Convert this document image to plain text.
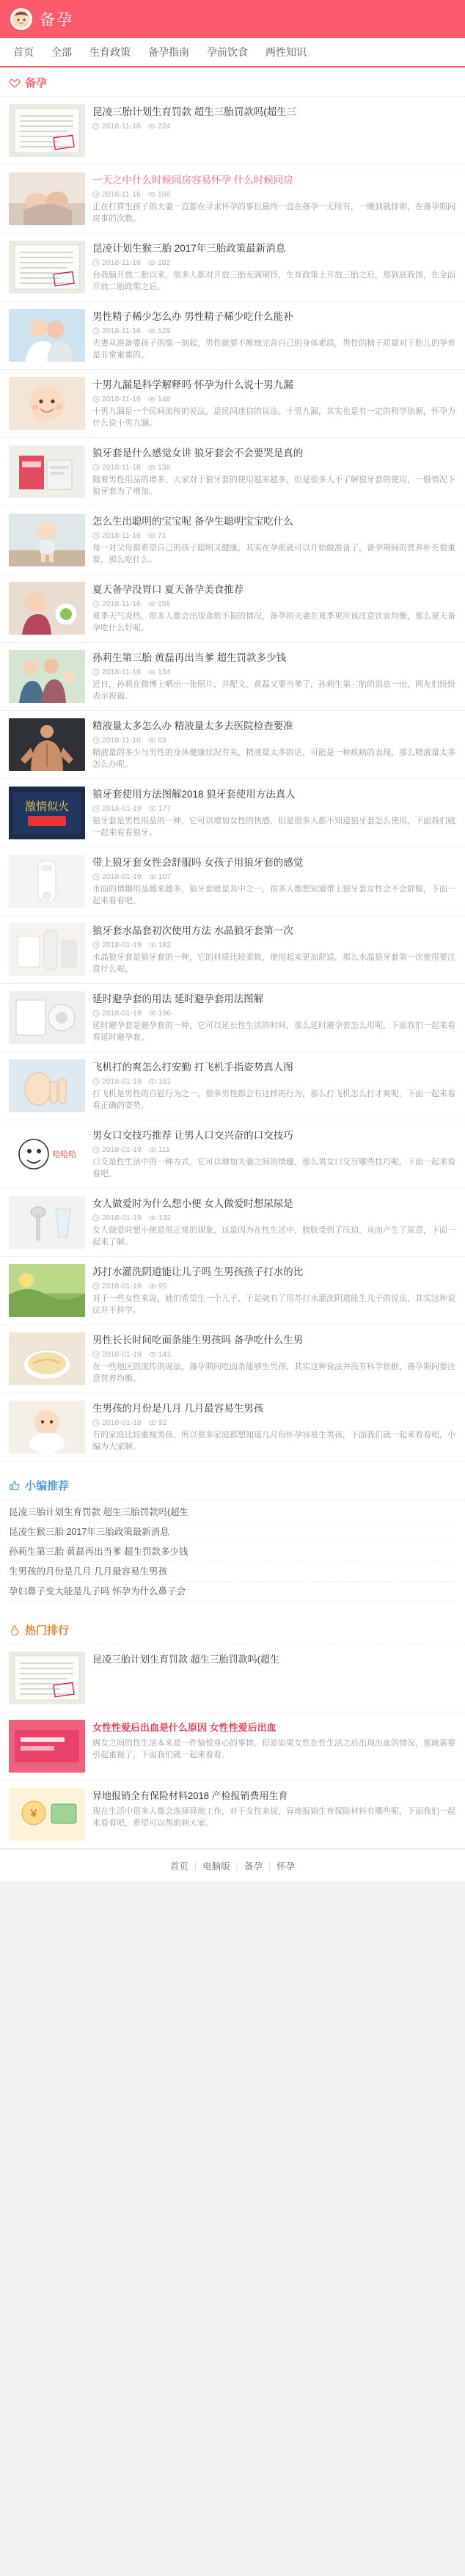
备孕
首页	全部	生育政策	备孕指南	孕前饮食	两性知识
备孕
昆凌三胎计划生育罚款 超生三胎罚款吗(超生三
2018-11-16 224
一天之中什么时候同房容易怀孕 什么时候同房
2018-11-16 166
正在打算生孩子的夫妻一直都在寻求怀孕的事但最终一直在备孕一无所有，一睡到就排卵，在备孕期间房事的次数。
昆凌计划生猴三胎 2017年三胎政策最新消息
2018-11-16 182
台我脑开放二胎以来，很多人都对开放三胎充满期待，生育政策上开放三胎之后，那到底我国，在全面开放二胎政策之后。
男性精子稀少怎么办 男性精子稀少吃什么能补
2018-11-16 129
夫妻从准备要孩子的那一刻起，男性就要不断地完善自己的身体素质，男性的精子质量对于胎儿的孕育是非常重要的。
十男九漏是科学解释吗 怀孕为什么说十男九漏
2018-11-16 148
十男九漏是一个民间流传的说法，是民间迷信的说法，十男九漏，其实也是有一定的科学依据，怀孕为什么说十男九漏。
狼牙套是什么感觉女讲 狼牙套会不会要哭是真的
2018-11-16 138
随着男性用品的增多，大家对于狼牙套的使用越来越多，但是很多人不了解狼牙套的使用，一般情况下狼牙套为了增加。
怎么生出聪明的宝宝呢 备孕生聪明宝宝吃什么
2018-11-16 71
每一对父母都希望自己的孩子聪明又健康，其实在孕前就可以开始做准备了，备孕期间的营养补充很重要，那么吃什么。
夏天备孕没胃口 夏天备孕美食推荐
2018-11-16 156
夏季天气炎热，很多人都会出现食欲不振的情况，备孕的夫妻在夏季更应该注意饮食均衡，那么夏天备孕吃什么好呢。
孙莉生第三胎 黄磊再出当爹 超生罚款多少钱
2018-11-16 134
近日，孙莉在微博上晒出一张照片，并配文，黄磊又要当爹了，孙莉生第三胎的消息一出，网友们纷纷表示祝福。
精液量太多怎么办 精液量太多去医院检查要准
2018-11-16 63
精液量的多少与男性的身体健康状况有关，精液量太多的话，可能是一种疾病的表现，那么精液量太多怎么办呢。
激情似火
狼牙套使用方法图解2018 狼牙套使用方法真人
2018-01-19 177
狼牙套是男性用品的一种，它可以增加女性的快感，但是很多人都不知道狼牙套怎么使用，下面我们就一起来看看狼牙。
带上狼牙套女性会舒服吗 女孩子用狼牙套的感觉
2018-01-19 107
市面的情趣用品越来越多，狼牙套就是其中之一，很多人都想知道带上狼牙套女性会不会舒服，下面一起来看看吧。
狼牙套水晶套初次使用方法 水晶狼牙套第一次
2018-01-19 182
水晶狼牙套是狼牙套的一种，它的材质比较柔软，使用起来更加舒适，那么水晶狼牙套第一次使用要注意什么呢。
延时避孕套的用法 延时避孕套用法图解
2018-01-19 196
延时避孕套是避孕套的一种，它可以延长性生活的时间，那么延时避孕套怎么用呢，下面我们一起来看看延时避孕套。
飞机打的爽怎么打安勤 打飞机手指姿势真人图
2018-01-19 181
打飞机是男性的自慰行为之一，很多男性都会有这样的行为，那么打飞机怎么打才爽呢，下面一起来看看正确的姿势。
哈哈哈
男女口交技巧推荐 让男人口交兴奋的口交技巧
2018-01-19 111
口交是性生活中的一种方式，它可以增加夫妻之间的情趣，那么男女口交有哪些技巧呢，下面一起来看看吧。
女人做爱时为什么想小便 女人做爱时想尿尿是
2018-01-19 132
女人做爱时想小便是很正常的现象，这是因为在性生活中，膀胱受到了压迫，从而产生了尿意，下面一起来了解。
苏打水灌洗阴道能让儿子吗 生男孩孩子打水的比
2018-01-19 95
对于一些女性来说，她们希望生一个儿子，于是就有了用苏打水灌洗阴道能生儿子的说法，其实这种说法并不科学。
男性长长时间吃面条能生男孩吗 备孕吃什么生男
2018-01-19 141
在一些地区的流传的说法，备孕期间吃面条能够生男孩，其实这种说法并没有科学依据，备孕期间要注意营养均衡。
生男孩的月份是几月 几月最容易生男孩
2018-01-18 92
有的家庭比较重视男孩，所以很多家庭都想知道几月份怀孕容易生男孩，下面我们就一起来看看吧，小编为大家解。
小编推荐
昆凌三胎计划生育罚款 超生三胎罚款吗(超生
昆凌生猴三胎 2017年三胎政策最新消息
孙莉生第三胎 黄磊再出当爹 超生罚款多少钱
生男孩的月份是几月 几月最容易生男孩
孕妇鼻子变大能是儿子吗 怀孕为什么鼻子会
热门排行
昆凌三胎计划生育罚款 超生三胎罚款吗(超生
女性性爱后出血是什么原因 女性性爱后出血
俩女之间的性生活本来是一件愉悦身心的事情，但是如果女性在性生活之后出现出血的情况，那就需要引起重视了，下面我们就一起来看看。
¥
异地报销全有保险材料2018 产检报销费用生育
现在生活中很多人都会选择异地工作，对于女性来说，异地报销生育保险材料有哪些呢，下面我们一起来看看吧，希望可以帮助到大家。
首页 | 电脑版 | 备孕 | 怀孕
